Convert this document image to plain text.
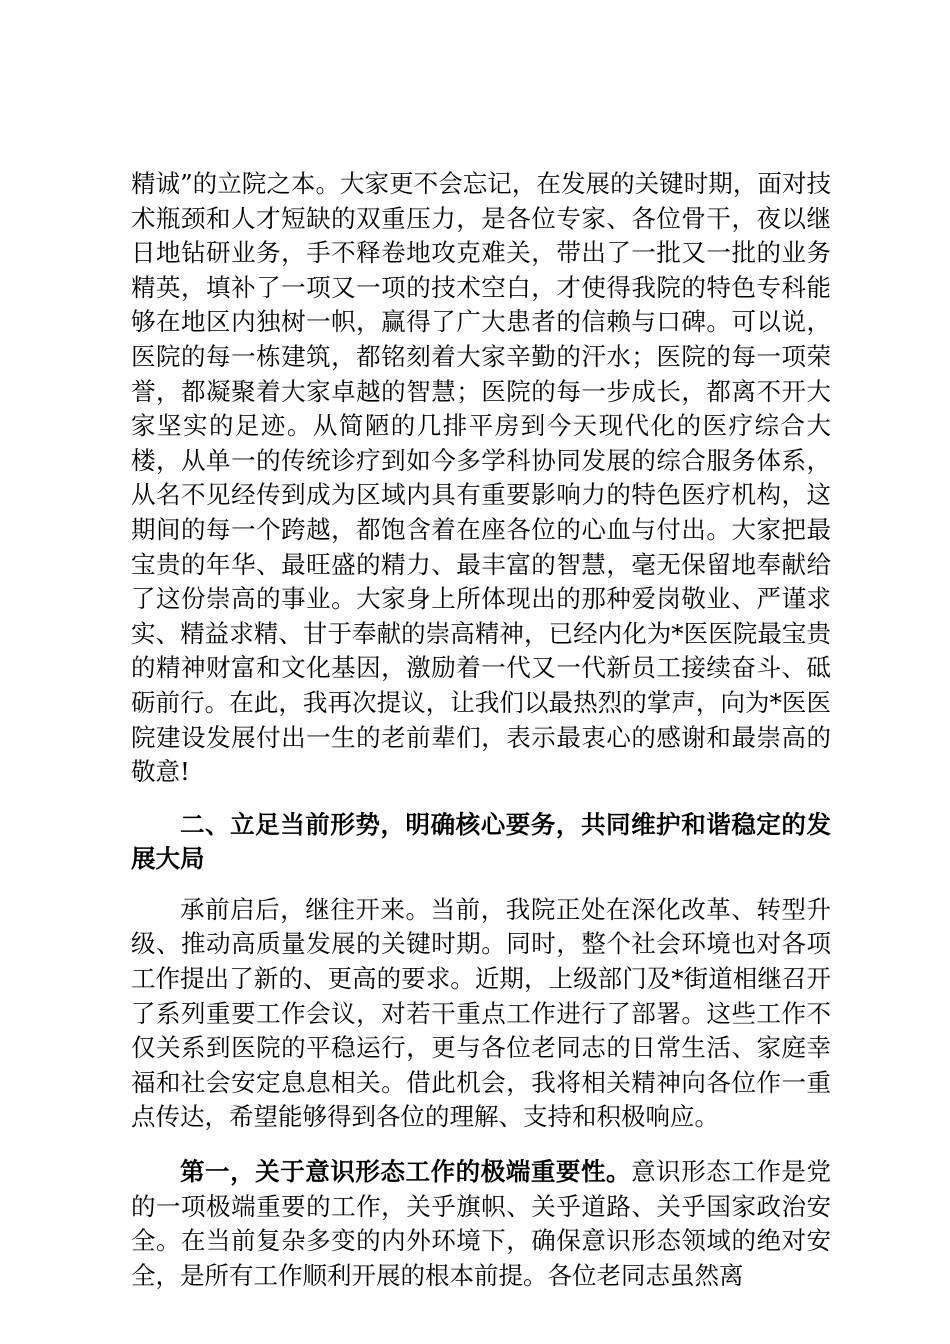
精诚”的立院之本。大家更不会忘记，在发展的关键时期，面对技术瓶颈和人才短缺的双重压力，是各位专家、各位骨干，夜以继日地钻研业务，手不释卷地攻克难关，带出了一批又一批的业务精英，填补了一项又一项的技术空白，才使得我院的特色专科能够在地区内独树一帜，赢得了广大患者的信赖与口碑。可以说，医院的每一栋建筑，都铭刻着大家辛勤的汗水；医院的每一项荣誉，都凝聚着大家卓越的智慧；医院的每一步成长，都离不开大家坚实的足迹。从简陋的几排平房到今天现代化的医疗综合大楼，从单一的传统诊疗到如今多学科协同发展的综合服务体系，从名不见经传到成为区域内具有重要影响力的特色医疗机构，这期间的每一个跨越，都饱含着在座各位的心血与付出。大家把最宝贵的年华、最旺盛的精力、最丰富的智慧，毫无保留地奉献给了这份崇高的事业。大家身上所体现出的那种爱岗敬业、严谨求实、精益求精、甘于奉献的崇高精神，已经内化为*医医院最宝贵的精神财富和文化基因，激励着一代又一代新员工接续奋斗、砥砺前行。在此，我再次提议，让我们以最热烈的掌声，向为*医医院建设发展付出一生的老前辈们，表示最衷心的感谢和最崇高的敬意!

二、立足当前形势，明确核心要务，共同维护和谐稳定的发展大局

承前启后，继往开来。当前，我院正处在深化改革、转型升级、推动高质量发展的关键时期。同时，整个社会环境也对各项工作提出了新的、更高的要求。近期，上级部门及*街道相继召开了系列重要工作会议，对若干重点工作进行了部署。这些工作不仅关系到医院的平稳运行，更与各位老同志的日常生活、家庭幸福和社会安定息息相关。借此机会，我将相关精神向各位作一重点传达，希望能够得到各位的理解、支持和积极响应。

第一，关于意识形态工作的极端重要性。意识形态工作是党的一项极端重要的工作，关乎旗帜、关乎道路、关乎国家政治安全。在当前复杂多变的内外环境下，确保意识形态领域的绝对安全，是所有工作顺利开展的根本前提。各位老同志虽然离
